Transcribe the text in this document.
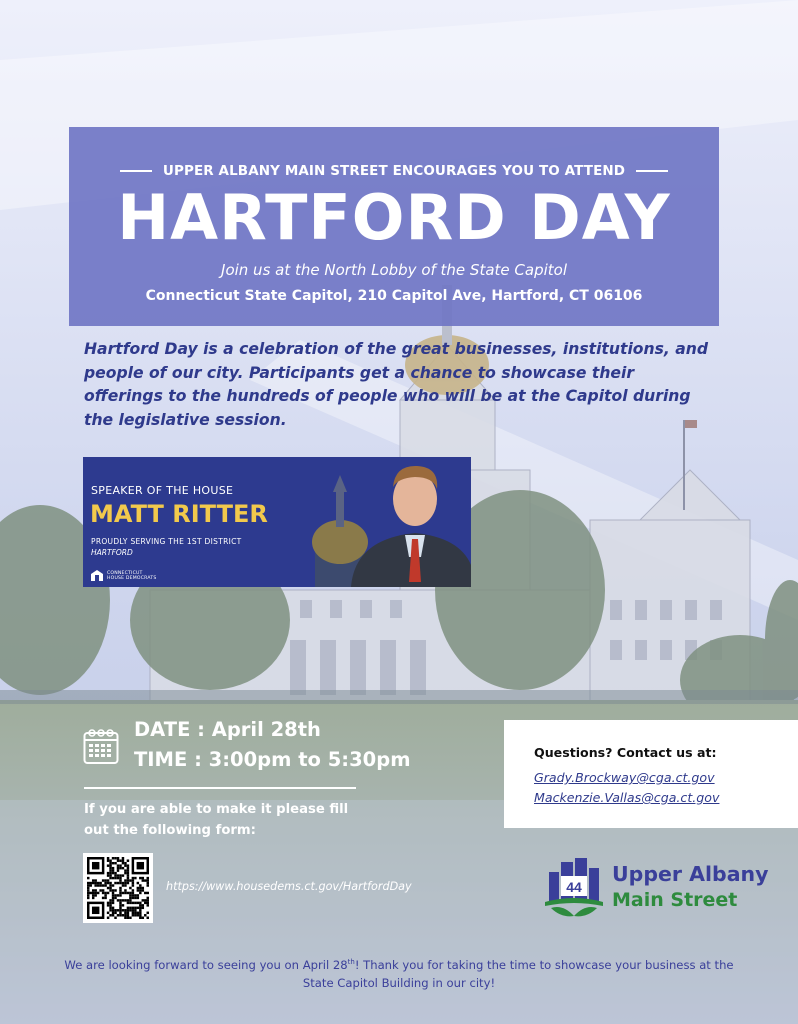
UPPER ALBANY MAIN STREET ENCOURAGES YOU TO ATTEND
HARTFORD DAY
Join us at the North Lobby of the State Capitol
Connecticut State Capitol, 210 Capitol Ave, Hartford, CT 06106
Hartford Day is a celebration of the great businesses, institutions, and people of our city. Participants get a chance to showcase their offerings to the hundreds of people who will be at the Capitol during the legislative session.
SPEAKER OF THE HOUSE
MATT RITTER
PROUDLY SERVING THE 1ST DISTRICT
HARTFORD
CONNECTICUT
HOUSE DEMOCRATS
DATE : April 28th
TIME : 3:00pm to 5:30pm
If you are able to make it please fill out the following form:
https://www.housedems.ct.gov/HartfordDay
Questions? Contact us at:
Grady.Brockway@cga.ct.gov
Mackenzie.Vallas@cga.ct.gov
44
Upper Albany
Main Street
We are looking forward to seeing you on April 28th! Thank you for taking the time to showcase your business at the State Capitol Building in our city!
